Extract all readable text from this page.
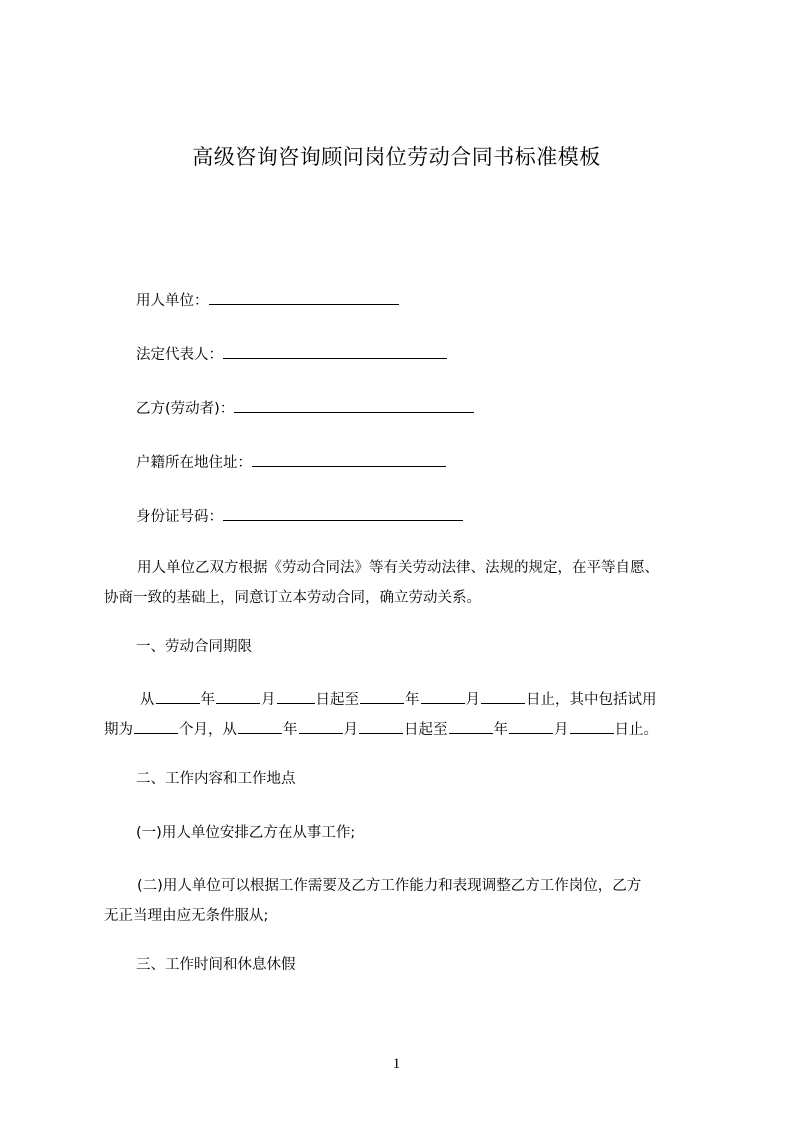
高级咨询咨询顾问岗位劳动合同书标准模板
用人单位：
法定代表人：
乙方(劳动者)：
户籍所在地住址：
身份证号码：
用人单位乙双方根据《劳动合同法》等有关劳动法律、法规的规定，在平等自愿、
协商一致的基础上，同意订立本劳动合同，确立劳动关系。
一、劳动合同期限
从	年	月	日起至	年	月	日止，其中包括试用
期为	个月，从	年	月	日起至	年	月	日止。
二、工作内容和工作地点
(一)用人单位安排乙方在从事工作;
(二)用人单位可以根据工作需要及乙方工作能力和表现调整乙方工作岗位，乙方
无正当理由应无条件服从;
三、工作时间和休息休假
1
